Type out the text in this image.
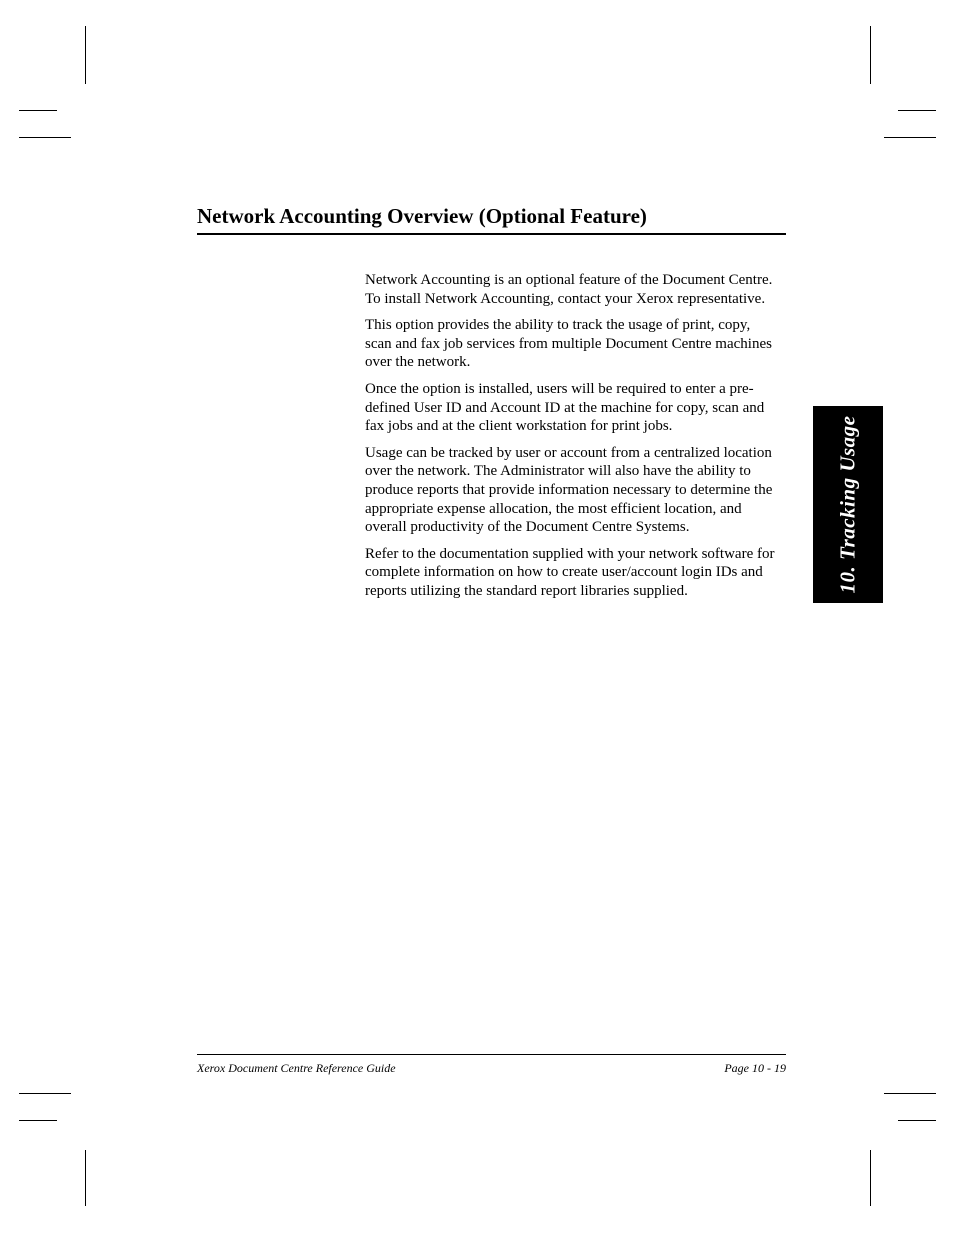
Network Accounting Overview (Optional Feature)

Network Accounting is an optional feature of the Document Centre.
To install Network Accounting, contact your Xerox representative.

This option provides the ability to track the usage of print, copy,
scan and fax job services from multiple Document Centre machines
over the network.

Once the option is installed, users will be required to enter a pre-
defined User ID and Account ID at the machine for copy, scan and
fax jobs and at the client workstation for print jobs.

Usage can be tracked by user or account from a centralized location
over the network. The Administrator will also have the ability to
produce reports that provide information necessary to determine the
appropriate expense allocation, the most efficient location, and
overall productivity of the Document Centre Systems.

Refer to the documentation supplied with your network software for
complete information on how to create user/account login IDs and
reports utilizing the standard report libraries supplied.	10. Tracking Usage
Xerox Document Centre Reference Guide	Page 10 - 19
